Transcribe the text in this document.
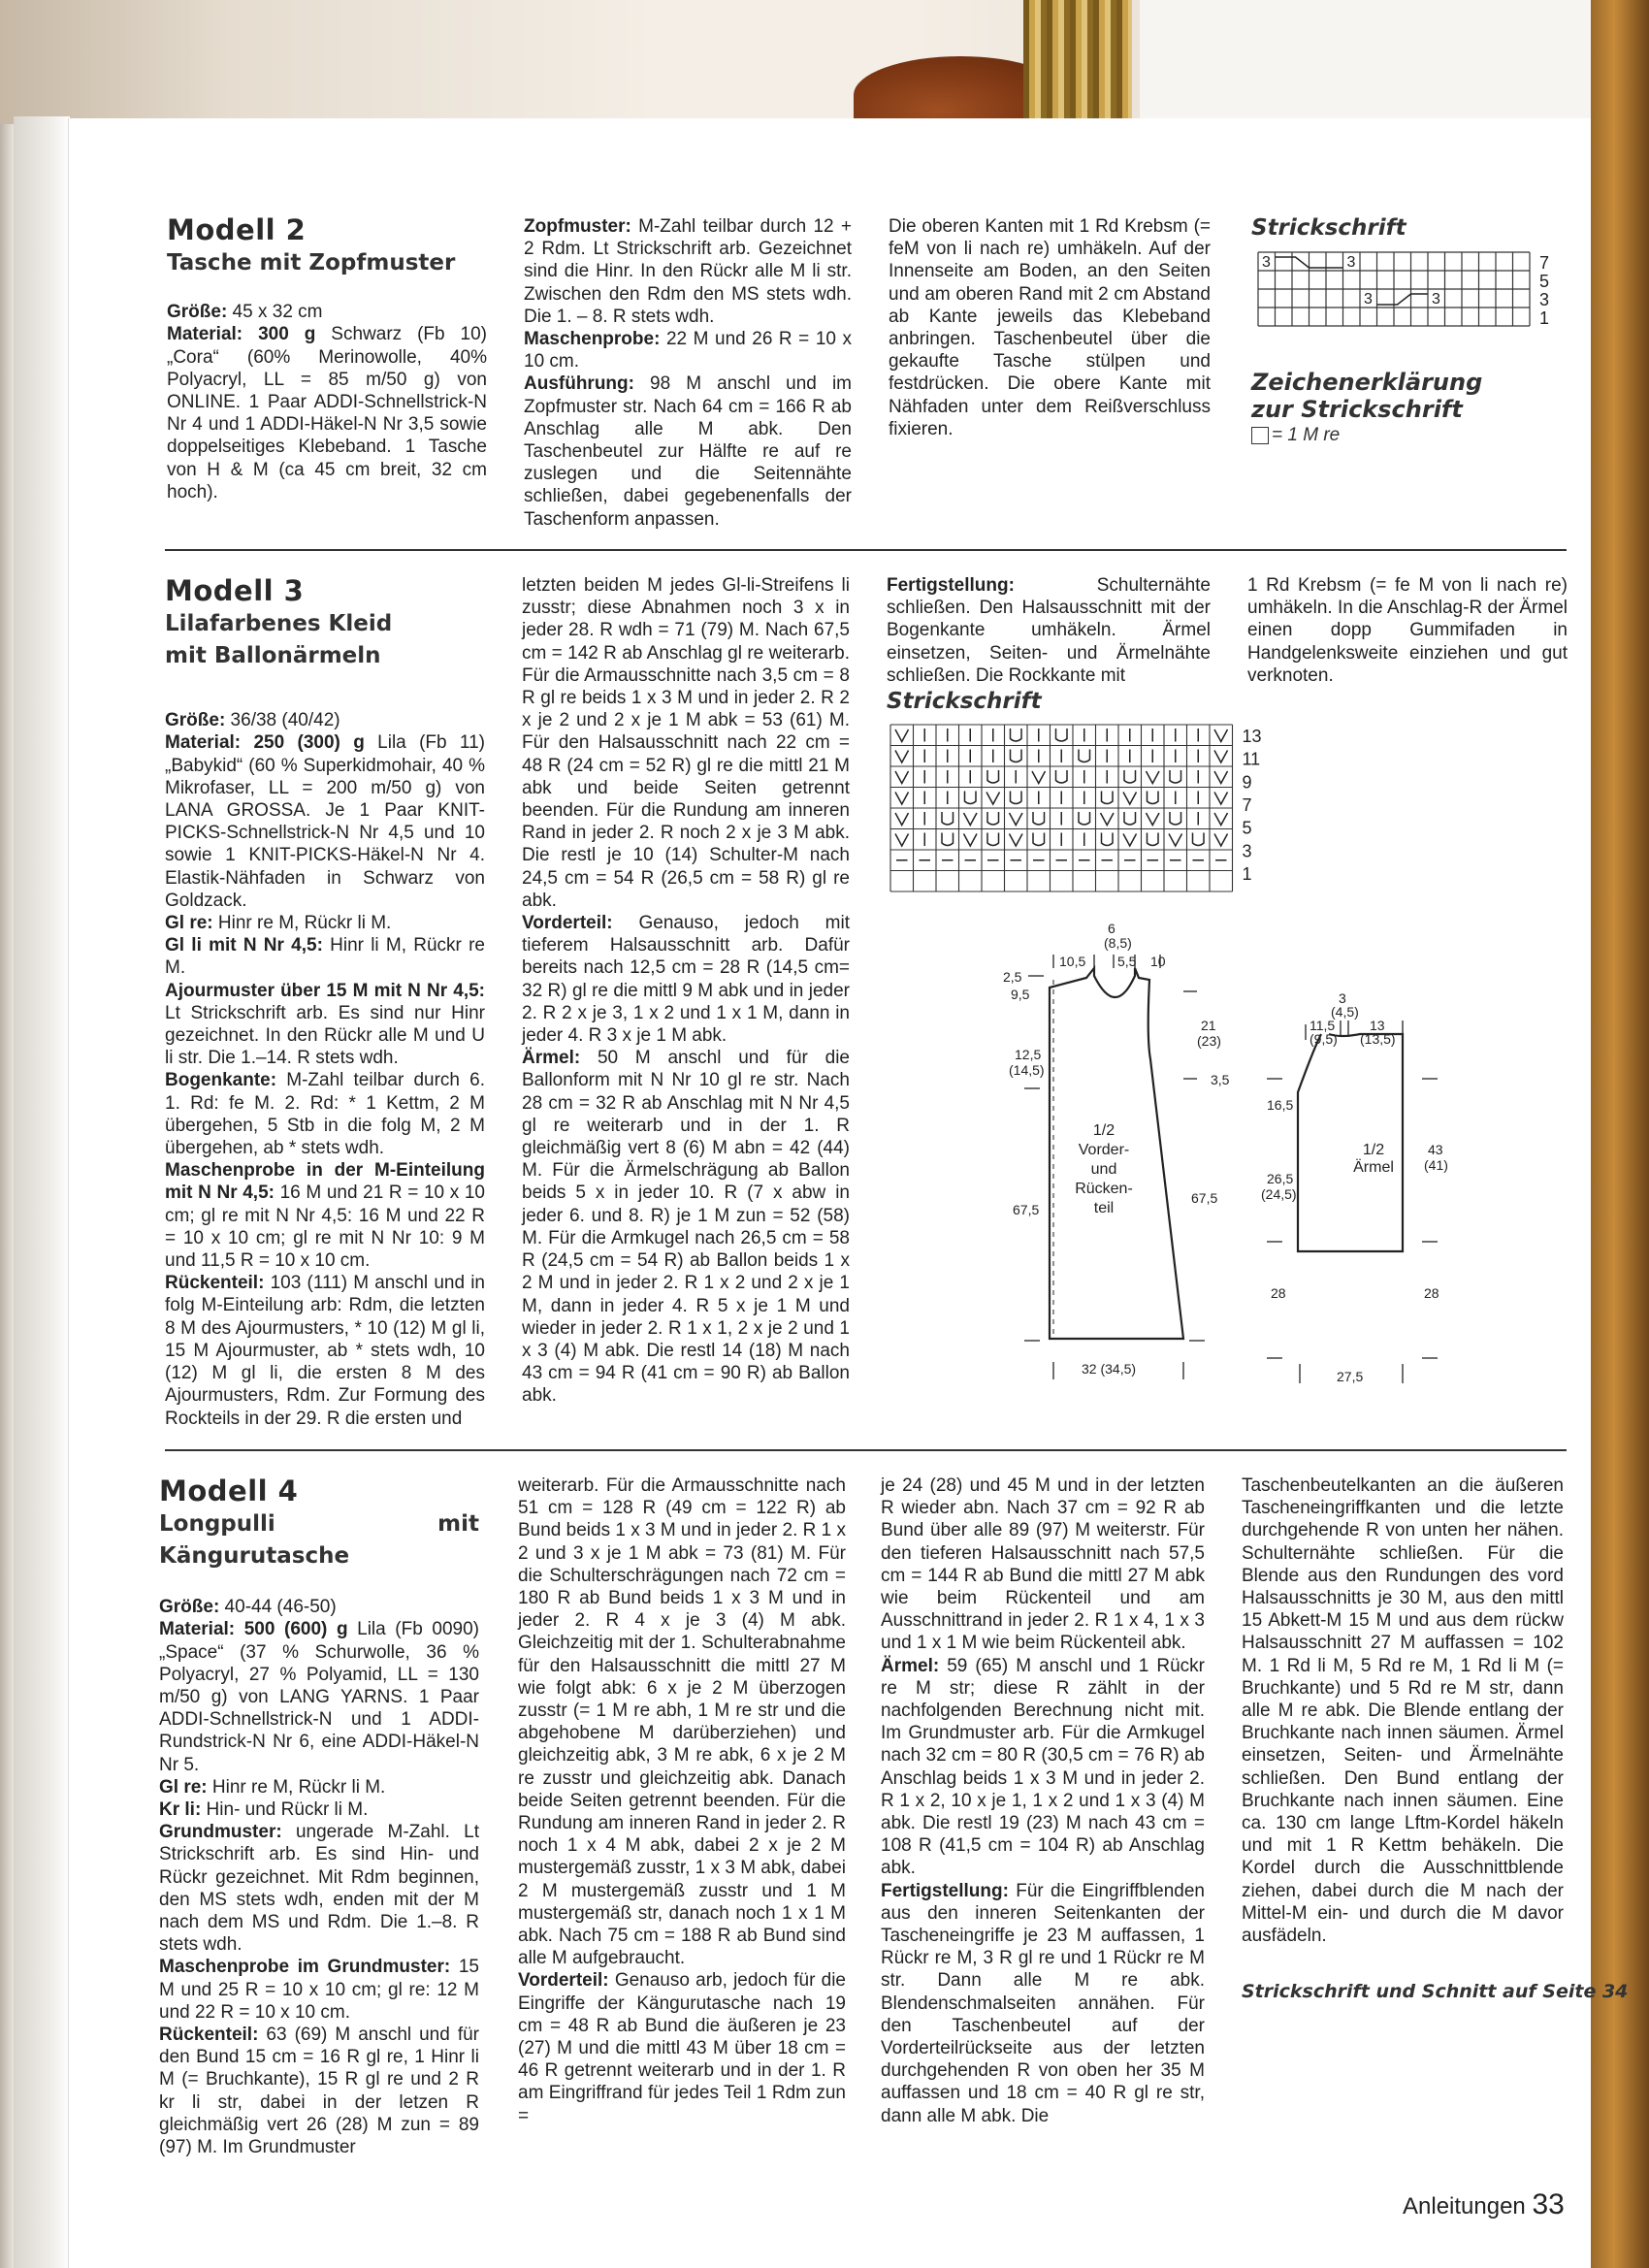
Modell 2
Tasche mit Zopfmuster

Größe: 45 x 32 cm

Material: 300 g Schwarz (Fb 10) „Cora“ (60% Merinowolle, 40% Polyacryl, LL = 85 m/50 g) von ONLINE. 1 Paar ADDI-Schnellstrick-N Nr 4 und 1 ADDI-Häkel-N Nr 3,5 sowie doppelseitiges Klebeband. 1 Tasche von H & M (ca 45 cm breit, 32 cm hoch).

Zopfmuster: M-Zahl teilbar durch 12 + 2 Rdm. Lt Strickschrift arb. Gezeichnet sind die Hinr. In den Rückr alle M li str. Zwischen den Rdm den MS stets wdh. Die 1. – 8. R stets wdh.

Maschenprobe: 22 M und 26 R = 10 x 10 cm.

Ausführung: 98 M anschl und im Zopfmuster str. Nach 64 cm = 166 R ab Anschlag alle M abk. Den Taschenbeutel zur Hälfte re auf re zuslegen und die Seitennähte schließen, dabei gegebenenfalls der Taschenform anpassen.

Die oberen Kanten mit 1 Rd Krebsm (= feM von li nach re) umhäkeln. Auf der Innenseite am Boden, an den Seiten und am oberen Rand mit 2 cm Abstand ab Kante jeweils das Klebeband anbringen. Taschenbeutel über die gekaufte Tasche stülpen und festdrücken. Die obere Kante mit Nähfaden unter dem Reißverschluss fixieren.

Strickschrift
3	3
3	3
7
5
3
1
Zeichenerklärung
zur Strickschrift
= 1 M re
Modell 3
Lilafarbenes Kleid
mit Ballonärmeln

Größe: 36/38 (40/42)

Material: 250 (300) g Lila (Fb 11) „Babykid“ (60 % Superkidmohair, 40 % Mikrofaser, LL = 200 m/50 g) von LANA GROSSA. Je 1 Paar KNIT-PICKS-Schnellstrick-N Nr 4,5 und 10 sowie 1 KNIT-PICKS-Häkel-N Nr 4. Elastik-Nähfaden in Schwarz von Goldzack.

Gl re: Hinr re M, Rückr li M.

Gl li mit N Nr 4,5: Hinr li M, Rückr re M.

Ajourmuster über 15 M mit N Nr 4,5: Lt Strickschrift arb. Es sind nur Hinr gezeichnet. In den Rückr alle M und U li str. Die 1.–14. R stets wdh.

Bogenkante: M-Zahl teilbar durch 6. 1. Rd: fe M. 2. Rd: * 1 Kettm, 2 M übergehen, 5 Stb in die folg M, 2 M übergehen, ab * stets wdh.

Maschenprobe in der M-Einteilung mit N Nr 4,5: 16 M und 21 R = 10 x 10 cm; gl re mit N Nr 4,5: 16 M und 22 R = 10 x 10 cm; gl re mit N Nr 10: 9 M und 11,5 R = 10 x 10 cm.

Rückenteil: 103 (111) M anschl und in folg M-Einteilung arb: Rdm, die letzten 8 M des Ajourmusters, * 10 (12) M gl li, 15 M Ajourmuster, ab * stets wdh, 10 (12) M gl li, die ersten 8 M des Ajourmusters, Rdm. Zur Formung des Rockteils in der 29. R die ersten und

letzten beiden M jedes Gl-li-Streifens li zusstr; diese Abnahmen noch 3 x in jeder 28. R wdh = 71 (79) M. Nach 67,5 cm = 142 R ab Anschlag gl re weiterarb. Für die Armausschnitte nach 3,5 cm = 8 R gl re beids 1 x 3 M und in jeder 2. R 2 x je 2 und 2 x je 1 M abk = 53 (61) M. Für den Halsausschnitt nach 22 cm = 48 R (24 cm = 52 R) gl re die mittl 21 M abk und beide Seiten getrennt beenden. Für die Rundung am inneren Rand in jeder 2. R noch 2 x je 3 M abk. Die restl je 10 (14) Schulter-M nach 24,5 cm = 54 R (26,5 cm = 58 R) gl re abk.

Vorderteil: Genauso, jedoch mit tieferem Halsausschnitt arb. Dafür bereits nach 12,5 cm = 28 R (14,5 cm= 32 R) gl re die mittl 9 M abk und in jeder 2. R 2 x je 3, 1 x 2 und 1 x 1 M, dann in jeder 4. R 3 x je 1 M abk.

Ärmel: 50 M anschl und für die Ballonform mit N Nr 10 gl re str. Nach 28 cm = 32 R ab Anschlag mit N Nr 4,5 gl re weiterarb und in der 1. R gleichmäßig vert 8 (6) M abn = 42 (44) M. Für die Ärmelschrägung ab Ballon beids 5 x in jeder 10. R (7 x abw in jeder 6. und 8. R) je 1 M zun = 52 (58) M. Für die Armkugel nach 26,5 cm = 58 R (24,5 cm = 54 R) ab Ballon beids 1 x 2 M und in jeder 2. R 1 x 2 und 2 x je 1 M, dann in jeder 4. R 5 x je 1 M und wieder in jeder 2. R 1 x 1, 2 x je 2 und 1 x 3 (4) M abk. Die restl 14 (18) M nach 43 cm = 94 R (41 cm = 90 R) ab Ballon abk.

Fertigstellung: Schulternähte schließen. Den Halsausschnitt mit der Bogenkante umhäkeln. Ärmel einsetzen, Seiten- und Ärmelnähte schließen. Die Rockkante mit

1 Rd Krebsm (= fe M von li nach re) umhäkeln. In die Anschlag-R der Ärmel einen dopp Gummifaden in Handgelenksweite einziehen und gut verknoten.

Strickschrift
13
11
9
7
5
3
1
6
(8,5)
10,5 5,5 10
2,5
9,5
12,5
(14,5)
67,5
21
(23)
3,5
67,5
32 (34,5)
1/2
Vorder-
und
Rücken-
teil
3
(4,5)
11,5
(9,5)
13
(13,5)
16,5
26,5
(24,5)
28
43
(41)
28
27,5
1/2
Ärmel
Modell 4
Longpulli mit Kängurutasche

Größe: 40-44 (46-50)

Material: 500 (600) g Lila (Fb 0090) „Space“ (37 % Schurwolle, 36 % Polyacryl, 27 % Polyamid, LL = 130 m/50 g) von LANG YARNS. 1 Paar ADDI-Schnellstrick-N und 1 ADDI-Rundstrick-N Nr 6, eine ADDI-Häkel-N Nr 5.

Gl re: Hinr re M, Rückr li M.

Kr li: Hin- und Rückr li M.

Grundmuster: ungerade M-Zahl. Lt Strickschrift arb. Es sind Hin- und Rückr gezeichnet. Mit Rdm beginnen, den MS stets wdh, enden mit der M nach dem MS und Rdm. Die 1.–8. R stets wdh.

Maschenprobe im Grundmuster: 15 M und 25 R = 10 x 10 cm; gl re: 12 M und 22 R = 10 x 10 cm.

Rückenteil: 63 (69) M anschl und für den Bund 15 cm = 16 R gl re, 1 Hinr li M (= Bruchkante), 15 R gl re und 2 R kr li str, dabei in der letzen R gleichmäßig vert 26 (28) M zun = 89 (97) M. Im Grundmuster

weiterarb. Für die Armausschnitte nach 51 cm = 128 R (49 cm = 122 R) ab Bund beids 1 x 3 M und in jeder 2. R 1 x 2 und 3 x je 1 M abk = 73 (81) M. Für die Schulterschrägungen nach 72 cm = 180 R ab Bund beids 1 x 3 M und in jeder 2. R 4 x je 3 (4) M abk. Gleichzeitig mit der 1. Schulterabnahme für den Halsausschnitt die mittl 27 M wie folgt abk: 6 x je 2 M überzogen zusstr (= 1 M re abh, 1 M re str und die abgehobene M darüberziehen) und gleichzeitig abk, 3 M re abk, 6 x je 2 M re zusstr und gleichzeitig abk. Danach beide Seiten getrennt beenden. Für die Rundung am inneren Rand in jeder 2. R noch 1 x 4 M abk, dabei 2 x je 2 M mustergemäß zusstr, 1 x 3 M abk, dabei 2 M mustergemäß zusstr und 1 M mustergemäß str, danach noch 1 x 1 M abk. Nach 75 cm = 188 R ab Bund sind alle M aufgebraucht.

Vorderteil: Genauso arb, jedoch für die Eingriffe der Kängurutasche nach 19 cm = 48 R ab Bund die äußeren je 23 (27) M und die mittl 43 M über 18 cm = 46 R getrennt weiterarb und in der 1. R am Eingriffrand für jedes Teil 1 Rdm zun =

je 24 (28) und 45 M und in der letzten R wieder abn. Nach 37 cm = 92 R ab Bund über alle 89 (97) M weiterstr. Für den tieferen Halsausschnitt nach 57,5 cm = 144 R ab Bund die mittl 27 M abk wie beim Rückenteil und am Ausschnittrand in jeder 2. R 1 x 4, 1 x 3 und 1 x 1 M wie beim Rückenteil abk.

Ärmel: 59 (65) M anschl und 1 Rückr re M str; diese R zählt in der nachfolgenden Berechnung nicht mit. Im Grundmuster arb. Für die Armkugel nach 32 cm = 80 R (30,5 cm = 76 R) ab Anschlag beids 1 x 3 M und in jeder 2. R 1 x 2, 10 x je 1, 1 x 2 und 1 x 3 (4) M abk. Die restl 19 (23) M nach 43 cm = 108 R (41,5 cm = 104 R) ab Anschlag abk.

Fertigstellung: Für die Eingriffblenden aus den inneren Seitenkanten der Tascheneingriffe je 23 M auffassen, 1 Rückr re M, 3 R gl re und 1 Rückr re M str. Dann alle M re abk. Blendenschmalseiten annähen. Für den Taschenbeutel auf der Vorderteilrückseite aus der letzten durchgehenden R von oben her 35 M auffassen und 18 cm = 40 R gl re str, dann alle M abk. Die

Taschenbeutelkanten an die äußeren Tascheneingriffkanten und die letzte durchgehende R von unten her nähen. Schulternähte schließen. Für die Blende aus den Rundungen des vord Halsausschnitts je 30 M, aus den mittl 15 Abkett-M 15 M und aus dem rückw Halsausschnitt 27 M auffassen = 102 M. 1 Rd li M, 5 Rd re M, 1 Rd li M (= Bruchkante) und 5 Rd re M str, dann alle M re abk. Die Blende entlang der Bruchkante nach innen säumen. Ärmel einsetzen, Seiten- und Ärmelnähte schließen. Den Bund entlang der Bruchkante nach innen säumen. Eine ca. 130 cm lange Lftm-Kordel häkeln und mit 1 R Kettm behäkeln. Die Kordel durch die Ausschnittblende ziehen, dabei durch die M nach der Mittel-M ein- und durch die M davor ausfädeln.

Strickschrift und Schnitt auf Seite 34
Anleitungen 33
